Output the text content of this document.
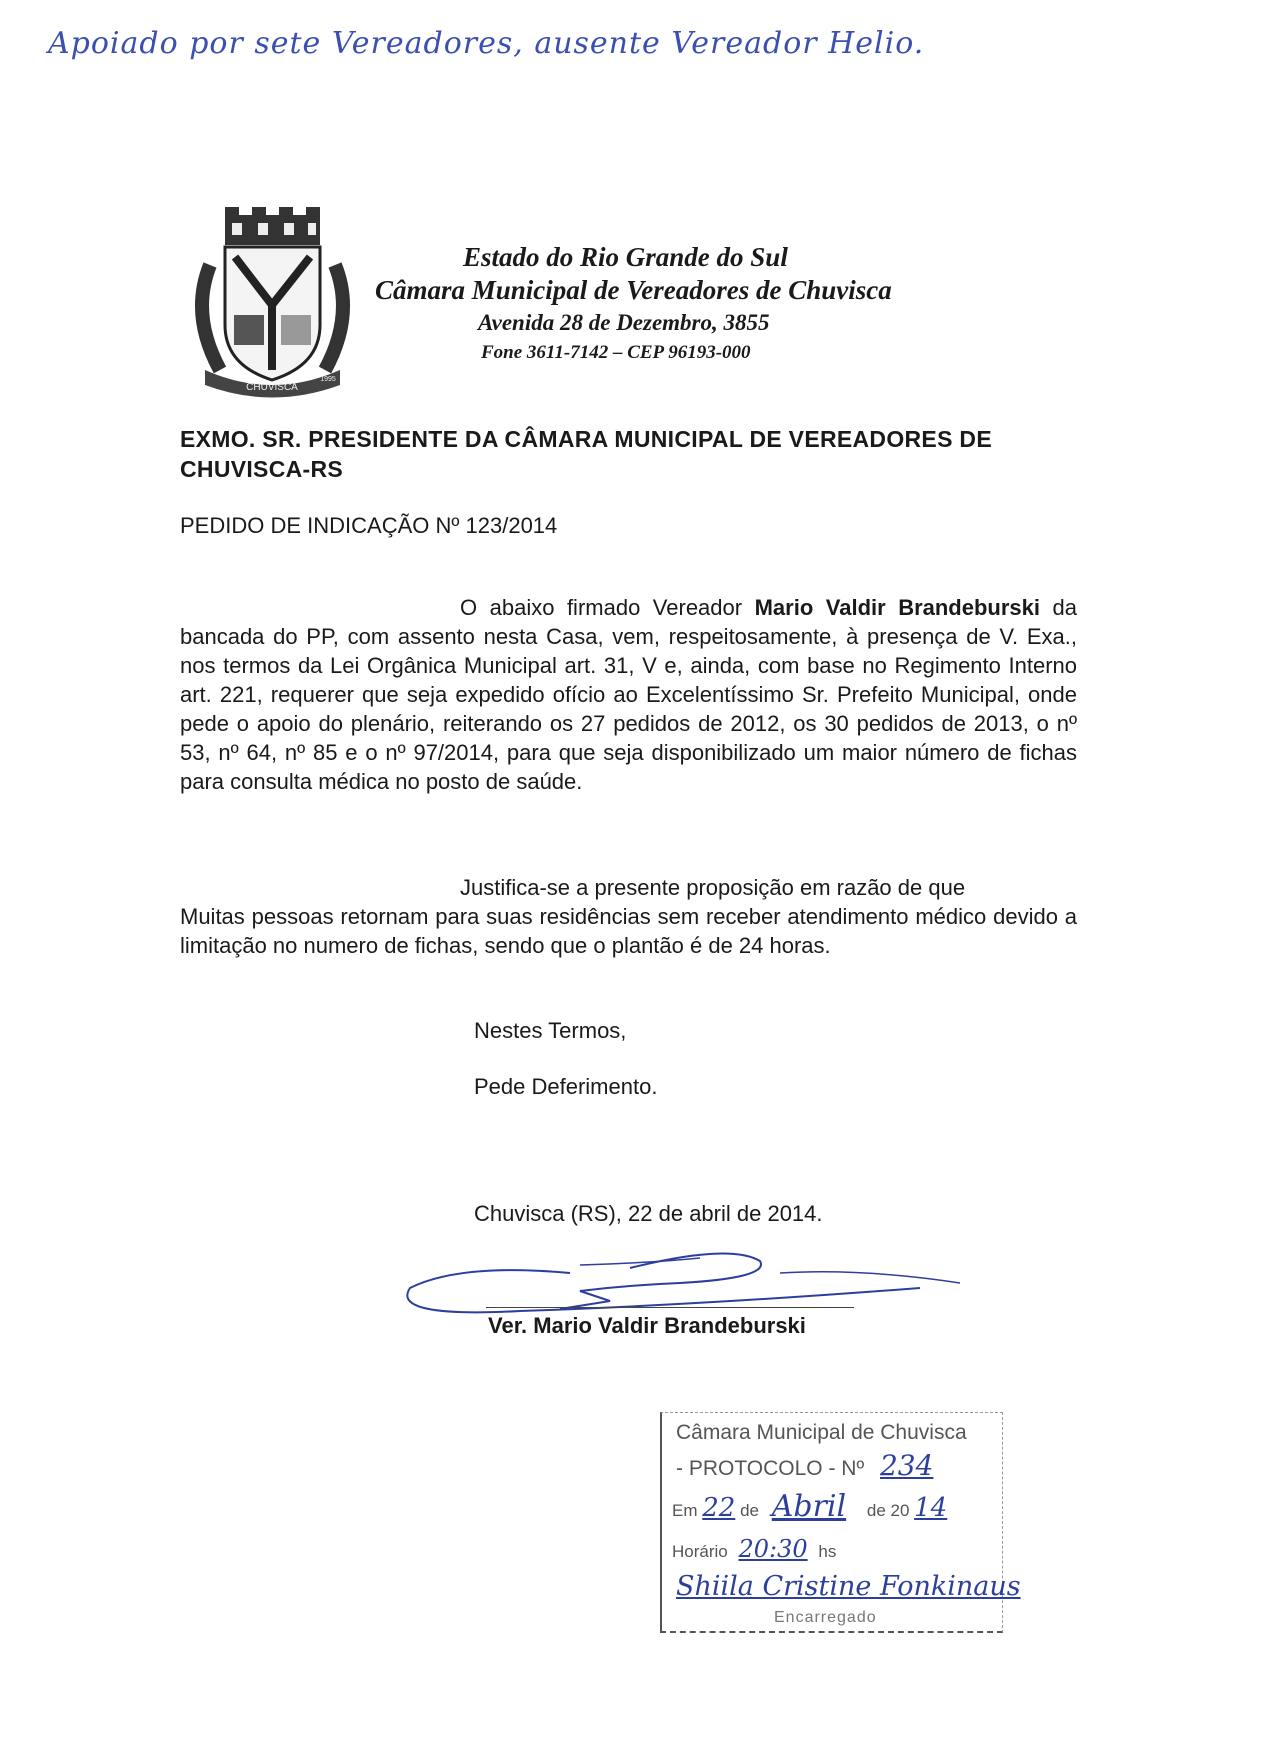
Apoiado por sete Vereadores, ausente Vereador Helio.
CHUVISCA
1995
Estado do Rio Grande do Sul
Câmara Municipal de Vereadores de Chuvisca
Avenida 28 de Dezembro, 3855
Fone 3611-7142 – CEP 96193-000
EXMO. SR. PRESIDENTE DA CÂMARA MUNICIPAL DE VEREADORES DE CHUVISCA-RS
PEDIDO DE INDICAÇÃO Nº 123/2014
O abaixo firmado Vereador Mario Valdir Brandeburski da bancada do PP, com assento nesta Casa, vem, respeitosamente, à presença de V. Exa., nos termos da Lei Orgânica Municipal art. 31, V e, ainda, com base no Regimento Interno art. 221, requerer que seja expedido ofício ao Excelentíssimo Sr. Prefeito Municipal, onde pede o apoio do plenário, reiterando os 27 pedidos de 2012, os 30 pedidos de 2013, o nº 53, nº 64, nº 85 e o nº 97/2014, para que seja disponibilizado um maior número de fichas para consulta médica no posto de saúde.
Justifica-se a presente proposição em razão de que
Muitas pessoas retornam para suas residências sem receber atendimento médico devido a limitação no numero de fichas, sendo que o plantão é de 24 horas.
Nestes Termos,
Pede Deferimento.
Chuvisca (RS), 22 de abril de 2014.
Ver. Mario Valdir Brandeburski
Câmara Municipal de Chuvisca
- PROTOCOLO - Nº 234
Em 22 de Abril de 20 14
Horário 20:30 hs
Shiila Cristine Fonkinaus
Encarregado
